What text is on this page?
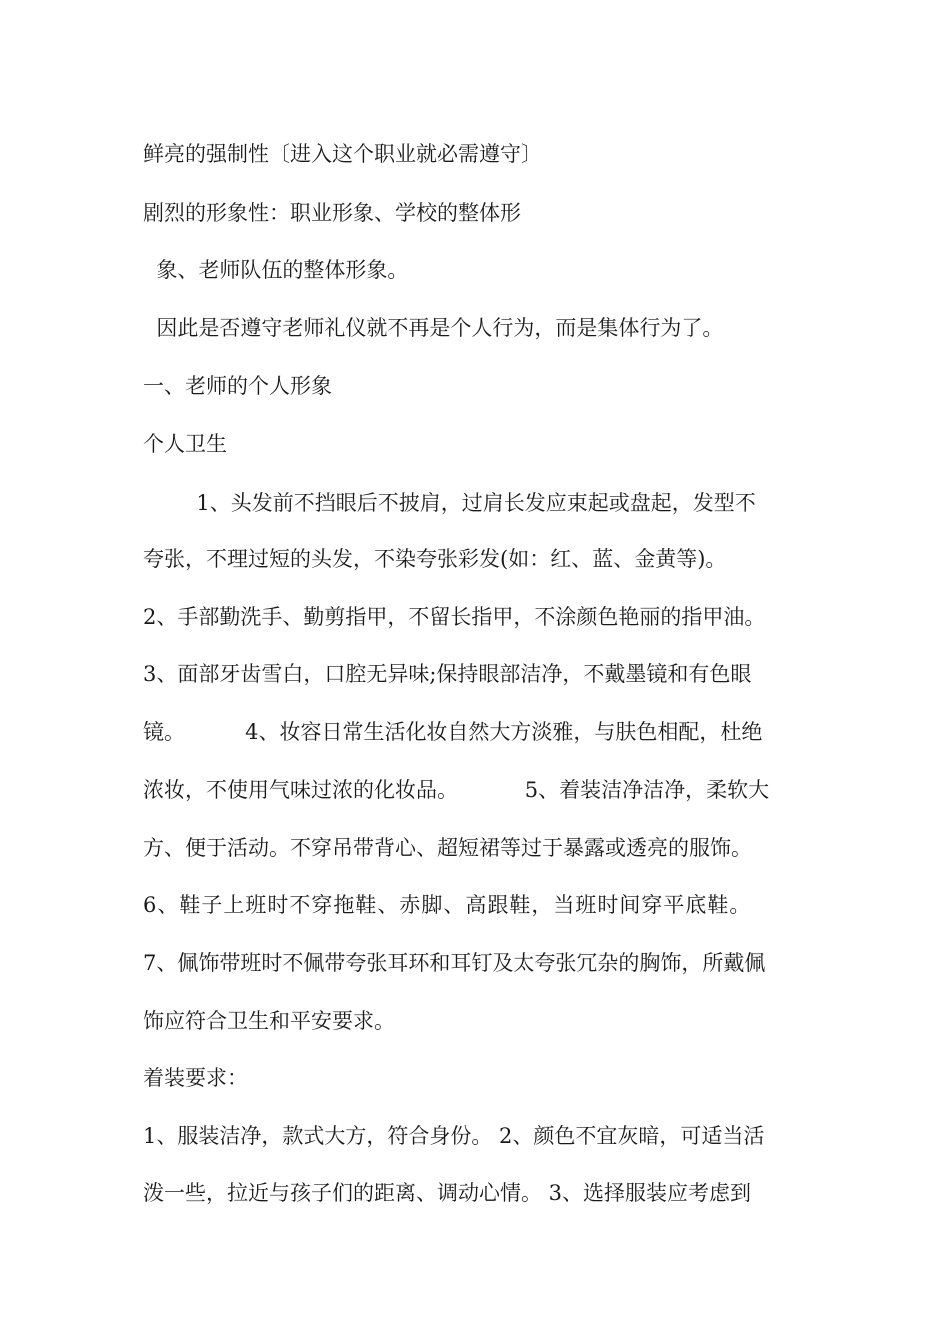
鲜亮的强制性〔进入这个职业就必需遵守〕
剧烈的形象性：职业形象、学校的整体形
象、老师队伍的整体形象。
因此是否遵守老师礼仪就不再是个人行为，而是集体行为了。
一、老师的个人形象
个人卫生
1、头发前不挡眼后不披肩，过肩长发应束起或盘起，发型不
夸张，不理过短的头发，不染夸张彩发(如：红、蓝、金黄等)。
2、手部勤洗手、勤剪指甲，不留长指甲，不涂颜色艳丽的指甲油。
3、面部牙齿雪白，口腔无异味;保持眼部洁净，不戴墨镜和有色眼
镜。         4、妆容日常生活化妆自然大方淡雅，与肤色相配，杜绝
浓妆，不使用气味过浓的化妆品。          5、着装洁净洁净，柔软大
方、便于活动。不穿吊带背心、超短裙等过于暴露或透亮的服饰。
6、鞋子上班时不穿拖鞋、赤脚、高跟鞋，当班时间穿平底鞋。
7、佩饰带班时不佩带夸张耳环和耳钉及太夸张冗杂的胸饰，所戴佩
饰应符合卫生和平安要求。
着装要求：
1、服装洁净，款式大方，符合身份。 2、颜色不宜灰暗，可适当活
泼一些，拉近与孩子们的距离、调动心情。 3、选择服装应考虑到
